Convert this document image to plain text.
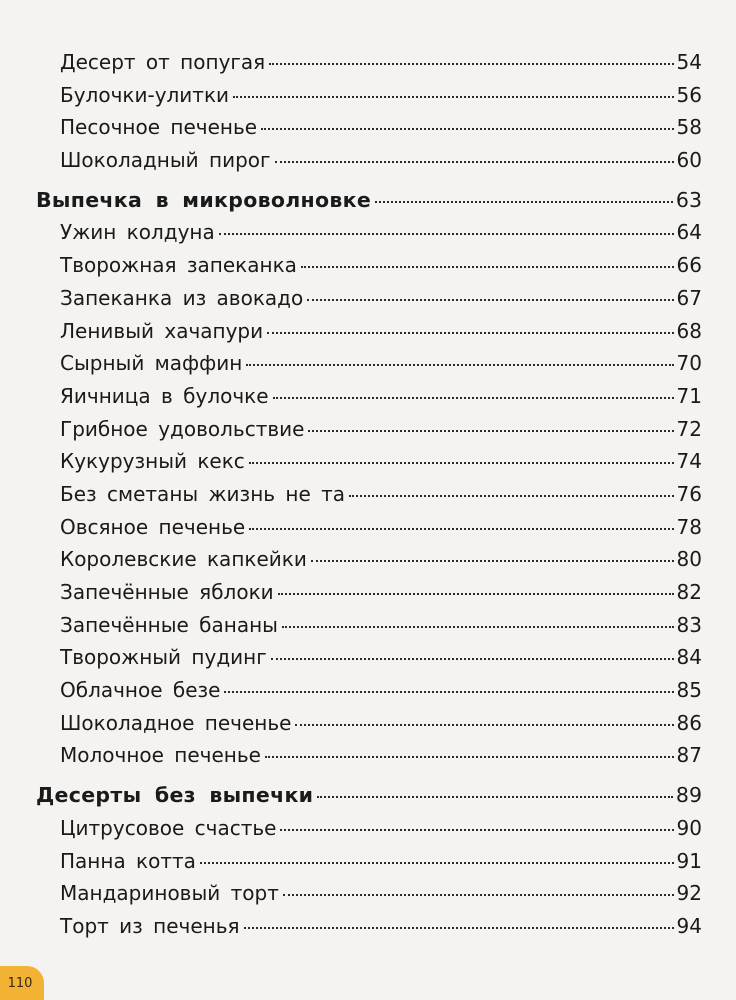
Десерт от попугая	54
Булочки-улитки	56
Песочное печенье	58
Шоколадный пирог	60
Выпечка в микроволновке	63
Ужин колдуна	64
Творожная запеканка	66
Запеканка из авокадо	67
Ленивый хачапури	68
Сырный маффин	70
Яичница в булочке	71
Грибное удовольствие	72
Кукурузный кекс	74
Без сметаны жизнь не та	76
Овсяное печенье	78
Королевские капкейки	80
Запечённые яблоки	82
Запечённые бананы	83
Творожный пудинг	84
Облачное безе	85
Шоколадное печенье	86
Молочное печенье	87
Десерты без выпечки	89
Цитрусовое счастье	90
Панна котта	91
Мандариновый торт	92
Торт из печенья	94
110
